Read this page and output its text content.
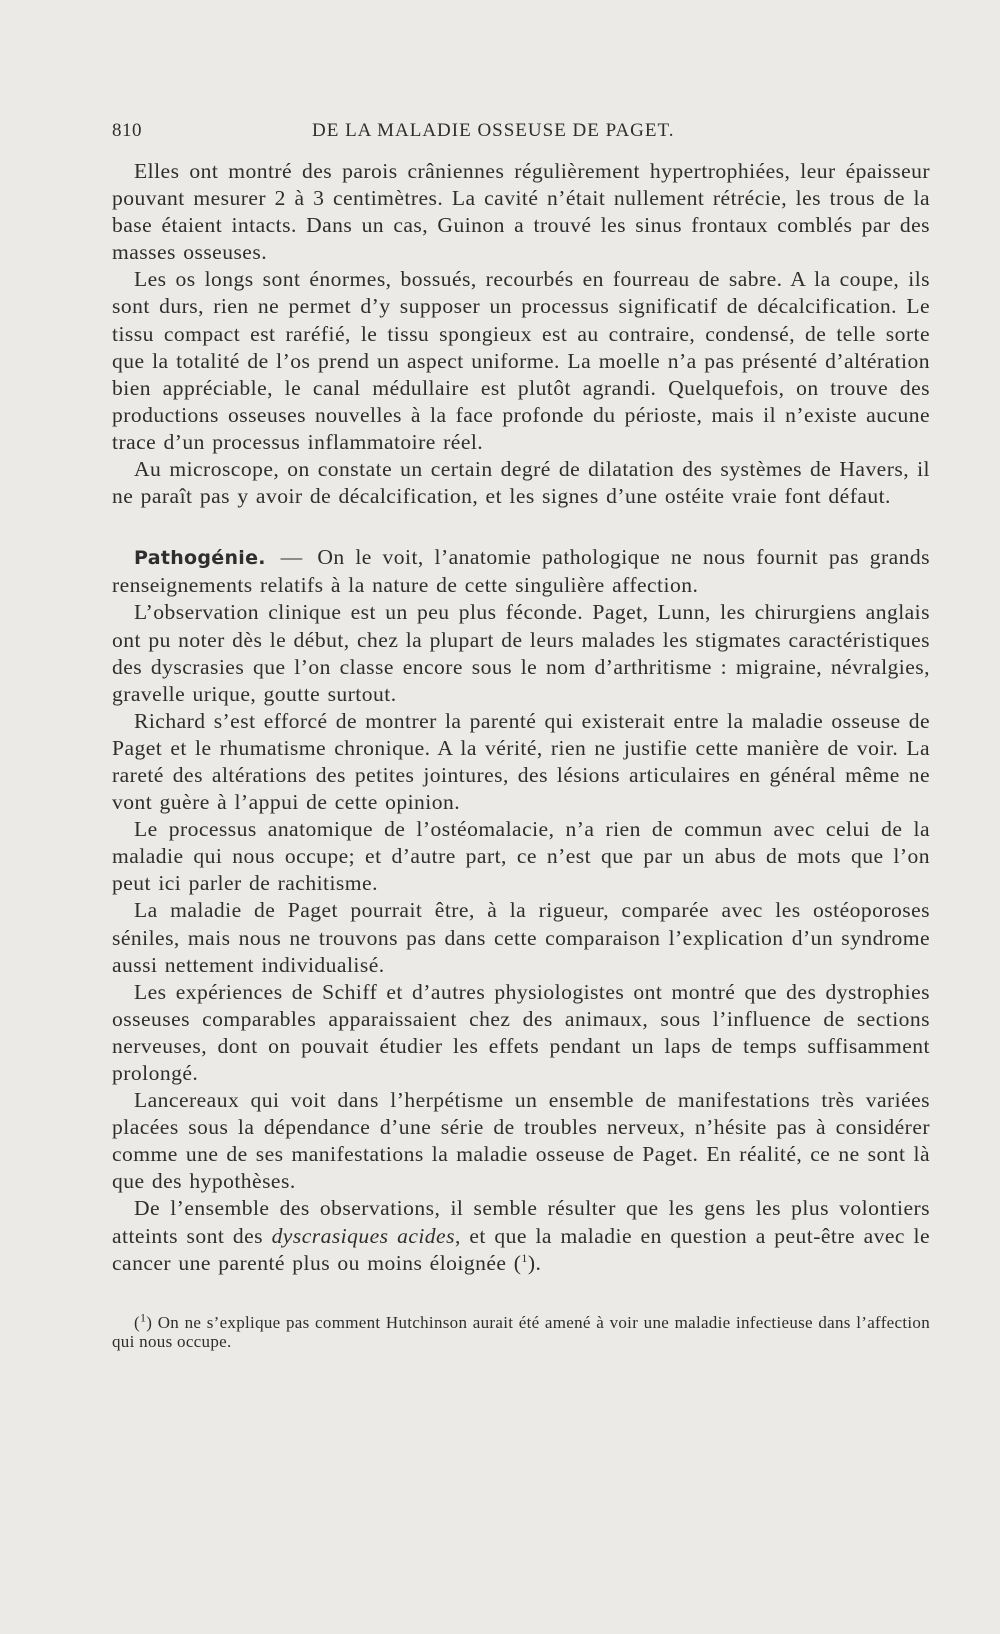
810	DE LA MALADIE OSSEUSE DE PAGET.

Elles ont montré des parois crâniennes régulièrement hypertrophiées, leur épaisseur pouvant mesurer 2 à 3 centimètres. La cavité n’était nullement rétrécie, les trous de la base étaient intacts. Dans un cas, Guinon a trouvé les sinus frontaux comblés par des masses osseuses.

Les os longs sont énormes, bossués, recourbés en fourreau de sabre. A la coupe, ils sont durs, rien ne permet d’y supposer un processus significatif de décalcification. Le tissu compact est raréfié, le tissu spongieux est au contraire, condensé, de telle sorte que la totalité de l’os prend un aspect uniforme. La moelle n’a pas présenté d’altération bien appréciable, le canal médullaire est plutôt agrandi. Quelquefois, on trouve des productions osseuses nouvelles à la face profonde du périoste, mais il n’existe aucune trace d’un processus inflammatoire réel.

Au microscope, on constate un certain degré de dilatation des systèmes de Havers, il ne paraît pas y avoir de décalcification, et les signes d’une ostéite vraie font défaut.

Pathogénie. — On le voit, l’anatomie pathologique ne nous fournit pas grands renseignements relatifs à la nature de cette singulière affection.

L’observation clinique est un peu plus féconde. Paget, Lunn, les chirurgiens anglais ont pu noter dès le début, chez la plupart de leurs malades les stigmates caractéristiques des dyscrasies que l’on classe encore sous le nom d’arthritisme : migraine, névralgies, gravelle urique, goutte surtout.

Richard s’est efforcé de montrer la parenté qui existerait entre la maladie osseuse de Paget et le rhumatisme chronique. A la vérité, rien ne justifie cette manière de voir. La rareté des altérations des petites jointures, des lésions articulaires en général même ne vont guère à l’appui de cette opinion.

Le processus anatomique de l’ostéomalacie, n’a rien de commun avec celui de la maladie qui nous occupe; et d’autre part, ce n’est que par un abus de mots que l’on peut ici parler de rachitisme.

La maladie de Paget pourrait être, à la rigueur, comparée avec les ostéoporoses séniles, mais nous ne trouvons pas dans cette comparaison l’explication d’un syndrome aussi nettement individualisé.

Les expériences de Schiff et d’autres physiologistes ont montré que des dystrophies osseuses comparables apparaissaient chez des animaux, sous l’influence de sections nerveuses, dont on pouvait étudier les effets pendant un laps de temps suffisamment prolongé.

Lancereaux qui voit dans l’herpétisme un ensemble de manifestations très variées placées sous la dépendance d’une série de troubles nerveux, n’hésite pas à considérer comme une de ses manifestations la maladie osseuse de Paget. En réalité, ce ne sont là que des hypothèses.

De l’ensemble des observations, il semble résulter que les gens les plus volontiers atteints sont des dyscrasiques acides, et que la maladie en question a peut-être avec le cancer une parenté plus ou moins éloignée ($^1$).

($^1$) On ne s’explique pas comment Hutchinson aurait été amené à voir une maladie infectieuse dans l’affection qui nous occupe.
